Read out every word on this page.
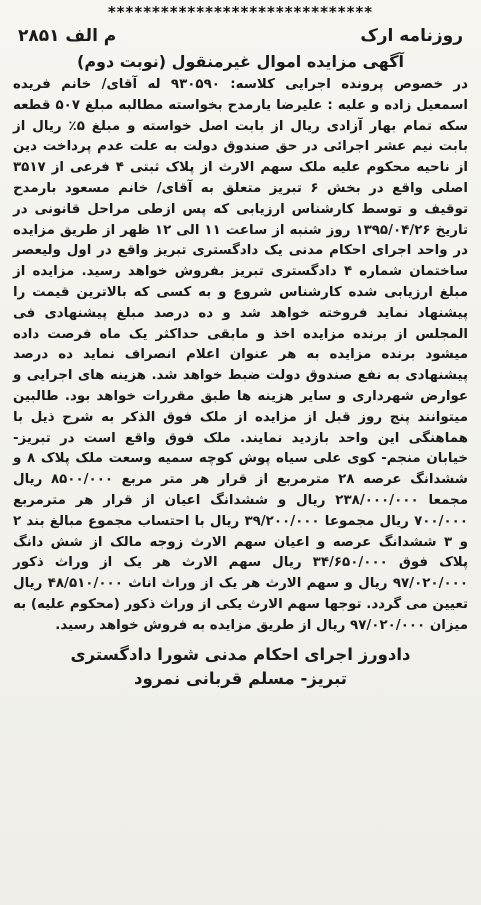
******************************
روزنامه ارک
م الف ۲۸۵۱
آگهی مزایده اموال غیرمنقول (نوبت دوم)
در خصوص پرونده اجرایی کلاسه: ۹۳۰۵۹۰ له آقای/ خانم فریده اسمعیل زاده و علیه : علیرضا یارمدح بخواسته مطالبه مبلغ ۵۰۷ قطعه سکه تمام بهار آزادی ریال از بابت اصل خواسته و مبلغ ۵٪ ریال از بابت نیم عشر اجرائی در حق صندوق دولت به علت عدم پرداخت دین از ناحیه محکوم علیه ملک سهم الارث از پلاک ثبتی ۴ فرعی از ۳۵۱۷ اصلی واقع در بخش ۶ تبریز متعلق به آقای/ خانم مسعود بارمدح توقیف و توسط کارشناس ارزیابی که پس ازطی مراحل قانونی در تاریخ ۱۳۹۵/۰۴/۲۶ روز شنبه از ساعت ۱۱ الی ۱۲ ظهر از طریق مزایده در واحد اجرای احکام مدنی یک دادگستری تبریز واقع در اول ولیعصر ساختمان شماره ۴ دادگستری تبریز بفروش خواهد رسید. مزایده از مبلغ ارزیابی شده کارشناس شروع و به کسی که بالاترین قیمت را پیشنهاد نماید فروخته خواهد شد و ده درصد مبلغ پیشنهادی فی المجلس از برنده مزایده اخذ و مابقی حداکثر یک ماه فرصت داده میشود برنده مزایده به هر عنوان اعلام انصراف نماید ده درصد پیشنهادی به نفع صندوق دولت ضبط خواهد شد. هزینه های اجرایی و عوارض شهرداری و سایر هزینه ها طبق مقررات خواهد بود. طالبین میتوانند پنج روز قبل از مزایده از ملک فوق الذکر به شرح ذیل با هماهنگی این واحد بازدید نمایند. ملک فوق واقع است در تبریز- خیابان منجم- کوی علی سیاه پوش کوچه سمیه وسعت ملک پلاک ۸ و ششدانگ عرصه ۲۸ مترمربع از قرار هر متر مربع ۸۵۰۰/۰۰۰ ریال مجمعا ۲۳۸/۰۰۰/۰۰۰ ریال و ششدانگ اعیان از قرار هر مترمربع ۷۰۰/۰۰۰ ریال مجموعا ۳۹/۲۰۰/۰۰۰ ریال با احتساب مجموع مبالغ بند ۲ و ۳ ششدانگ عرصه و اعیان سهم الارث زوجه مالک از شش دانگ پلاک فوق ۳۴/۶۵۰/۰۰۰ ریال سهم الارث هر یک از وراث ذکور ۹۷/۰۲۰/۰۰۰ ریال و سهم الارث هر یک از وراث اناث ۴۸/۵۱۰/۰۰۰ ریال تعیین می گردد. توجها سهم الارث یکی از وراث ذکور (محکوم علیه) به میزان ۹۷/۰۲۰/۰۰۰ ریال از طریق مزایده به فروش خواهد رسید.
دادورز اجرای احکام مدنی شورا دادگستری
تبریز- مسلم قربانی نمرود
